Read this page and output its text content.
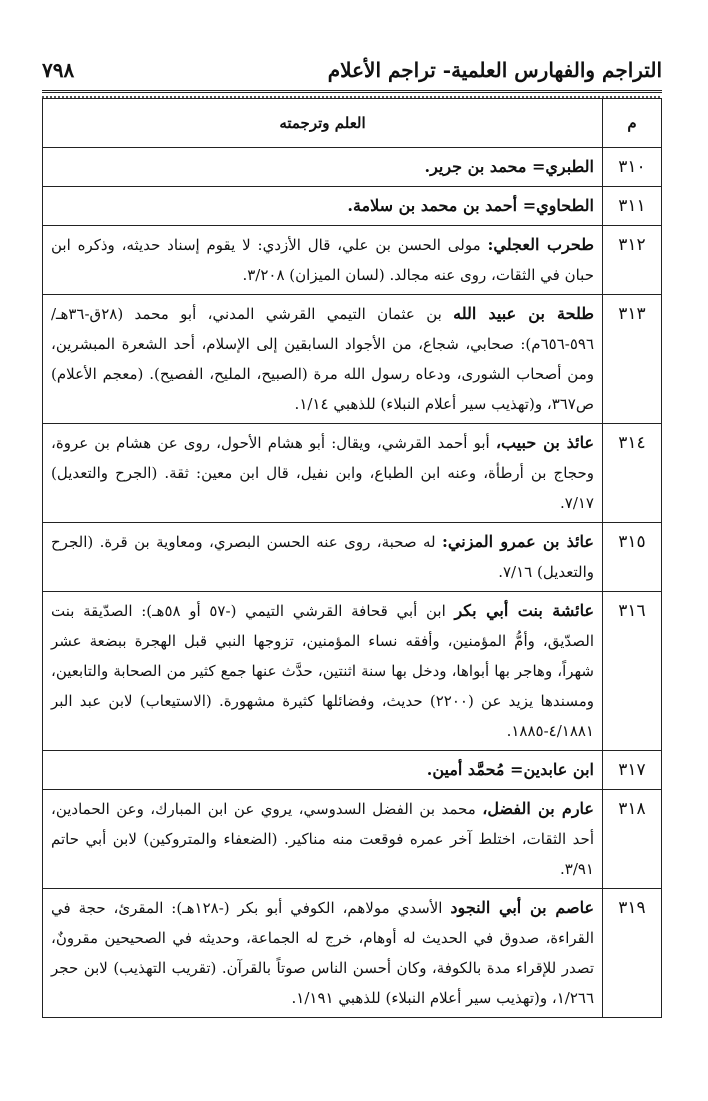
التراجم والفهارس العلمية- تراجم الأعلام
٧٩٨
م	العلم وترجمته
٣١٠	الطبري= محمد بن جرير.
٣١١	الطحاوي= أحمد بن محمد بن سلامة.
٣١٢	طحرب العجلي: مولى الحسن بن علي، قال الأزدي: لا يقوم إسناد حديثه، وذكره ابن حبان في الثقات، روى عنه مجالد. (لسان الميزان) ٣/٢٠٨.
٣١٣	طلحة بن عبيد الله بن عثمان التيمي القرشي المدني، أبو محمد (٢٨ق-٣٦هـ/٥٩٦-٦٥٦م): صحابي، شجاع، من الأجواد السابقين إلى الإسلام، أحد الشعرة المبشرين، ومن أصحاب الشورى، ودعاه رسول الله مرة (الصبيح، المليح، الفصيح). (معجم الأعلام) ص٣٦٧، و(تهذيب سير أعلام النبلاء) للذهبي ١/١٤.
٣١٤	عائذ بن حبيب، أبو أحمد القرشي، ويقال: أبو هشام الأحول، روى عن هشام بن عروة، وحجاج بن أرطأة، وعنه ابن الطباع، وابن نفيل، قال ابن معين: ثقة. (الجرح والتعديل) ٧/١٧.
٣١٥	عائذ بن عمرو المزني: له صحبة، روى عنه الحسن البصري، ومعاوية بن قرة. (الجرح والتعديل) ٧/١٦.
٣١٦	عائشة بنت أبي بكر ابن أبي قحافة القرشي التيمي (-٥٧ أو ٥٨هـ): الصدّيقة بنت الصدّيق، وأمُّ المؤمنين، وأفقه نساء المؤمنين، تزوجها النبي قبل الهجرة ببضعة عشر شهراً، وهاجر بها أبواها، ودخل بها سنة اثنتين، حدَّث عنها جمع كثير من الصحابة والتابعين، ومسندها يزيد عن (٢٢٠٠) حديث، وفضائلها كثيرة مشهورة. (الاستيعاب) لابن عبد البر ٤/١٨٨١-١٨٨٥.
٣١٧	ابن عابدين= مُحمَّد أمين.
٣١٨	عارم بن الفضل، محمد بن الفضل السدوسي، يروي عن ابن المبارك، وعن الحمادين، أحد الثقات، اختلط آخر عمره فوقعت منه مناكير. (الضعفاء والمتروكين) لابن أبي حاتم ٣/٩١.
٣١٩	عاصم بن أبي النجود الأسدي مولاهم، الكوفي أبو بكر (-١٢٨هـ): المقرئ، حجة في القراءة، صدوق في الحديث له أوهام، خرج له الجماعة، وحديثه في الصحيحين مقرونٌ، تصدر للإقراء مدة بالكوفة، وكان أحسن الناس صوتاً بالقرآن. (تقريب التهذيب) لابن حجر ١/٢٦٦، و(تهذيب سير أعلام النبلاء) للذهبي ١/١٩١.
